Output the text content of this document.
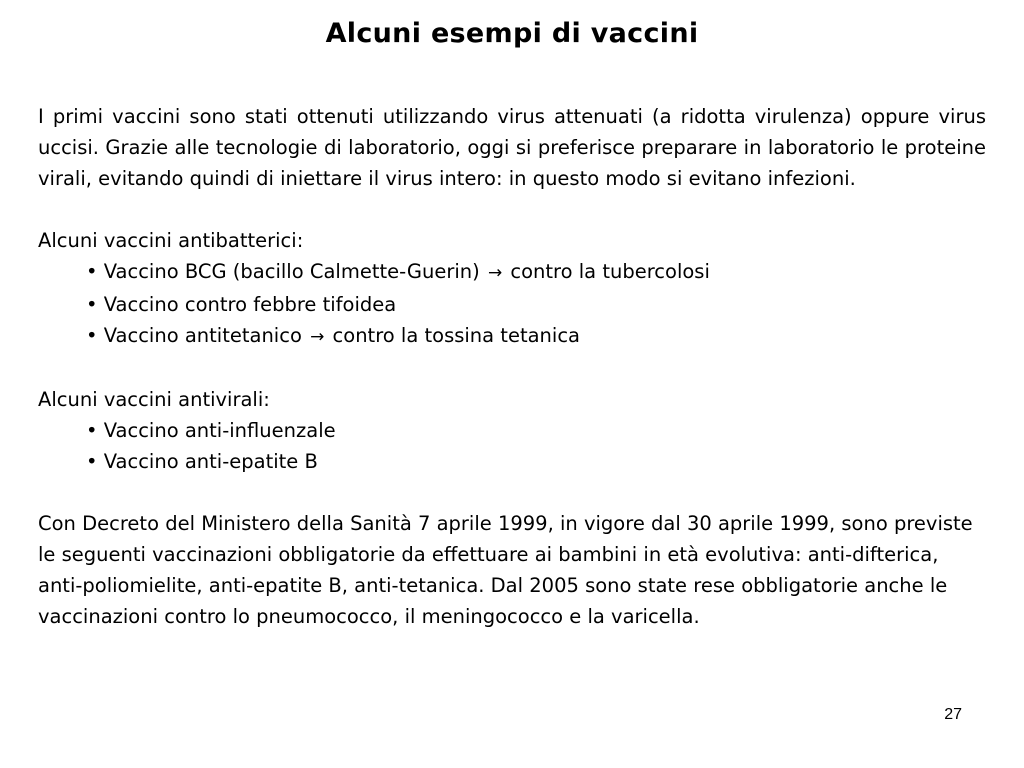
Alcuni esempi di vaccini

I primi vaccini sono stati ottenuti utilizzando virus attenuati (a ridotta virulenza) oppure virus uccisi. Grazie alle tecnologie di laboratorio, oggi si preferisce preparare in laboratorio le proteine virali, evitando quindi di iniettare il virus intero: in questo modo si evitano infezioni.

Alcuni vaccini antibatterici:

• Vaccino BCG (bacillo Calmette-Guerin) → contro la tubercolosi
• Vaccino contro febbre tifoidea
• Vaccino antitetanico → contro la tossina tetanica

Alcuni vaccini antivirali:

• Vaccino anti-influenzale
• Vaccino anti-epatite B

Con Decreto del Ministero della Sanità 7 aprile 1999, in vigore dal 30 aprile 1999, sono previste le seguenti vaccinazioni obbligatorie da effettuare ai bambini in età evolutiva: anti-difterica, anti-poliomielite, anti-epatite B, anti-tetanica. Dal 2005 sono state rese obbligatorie anche le vaccinazioni contro lo pneumococco, il meningococco e la varicella.

27
